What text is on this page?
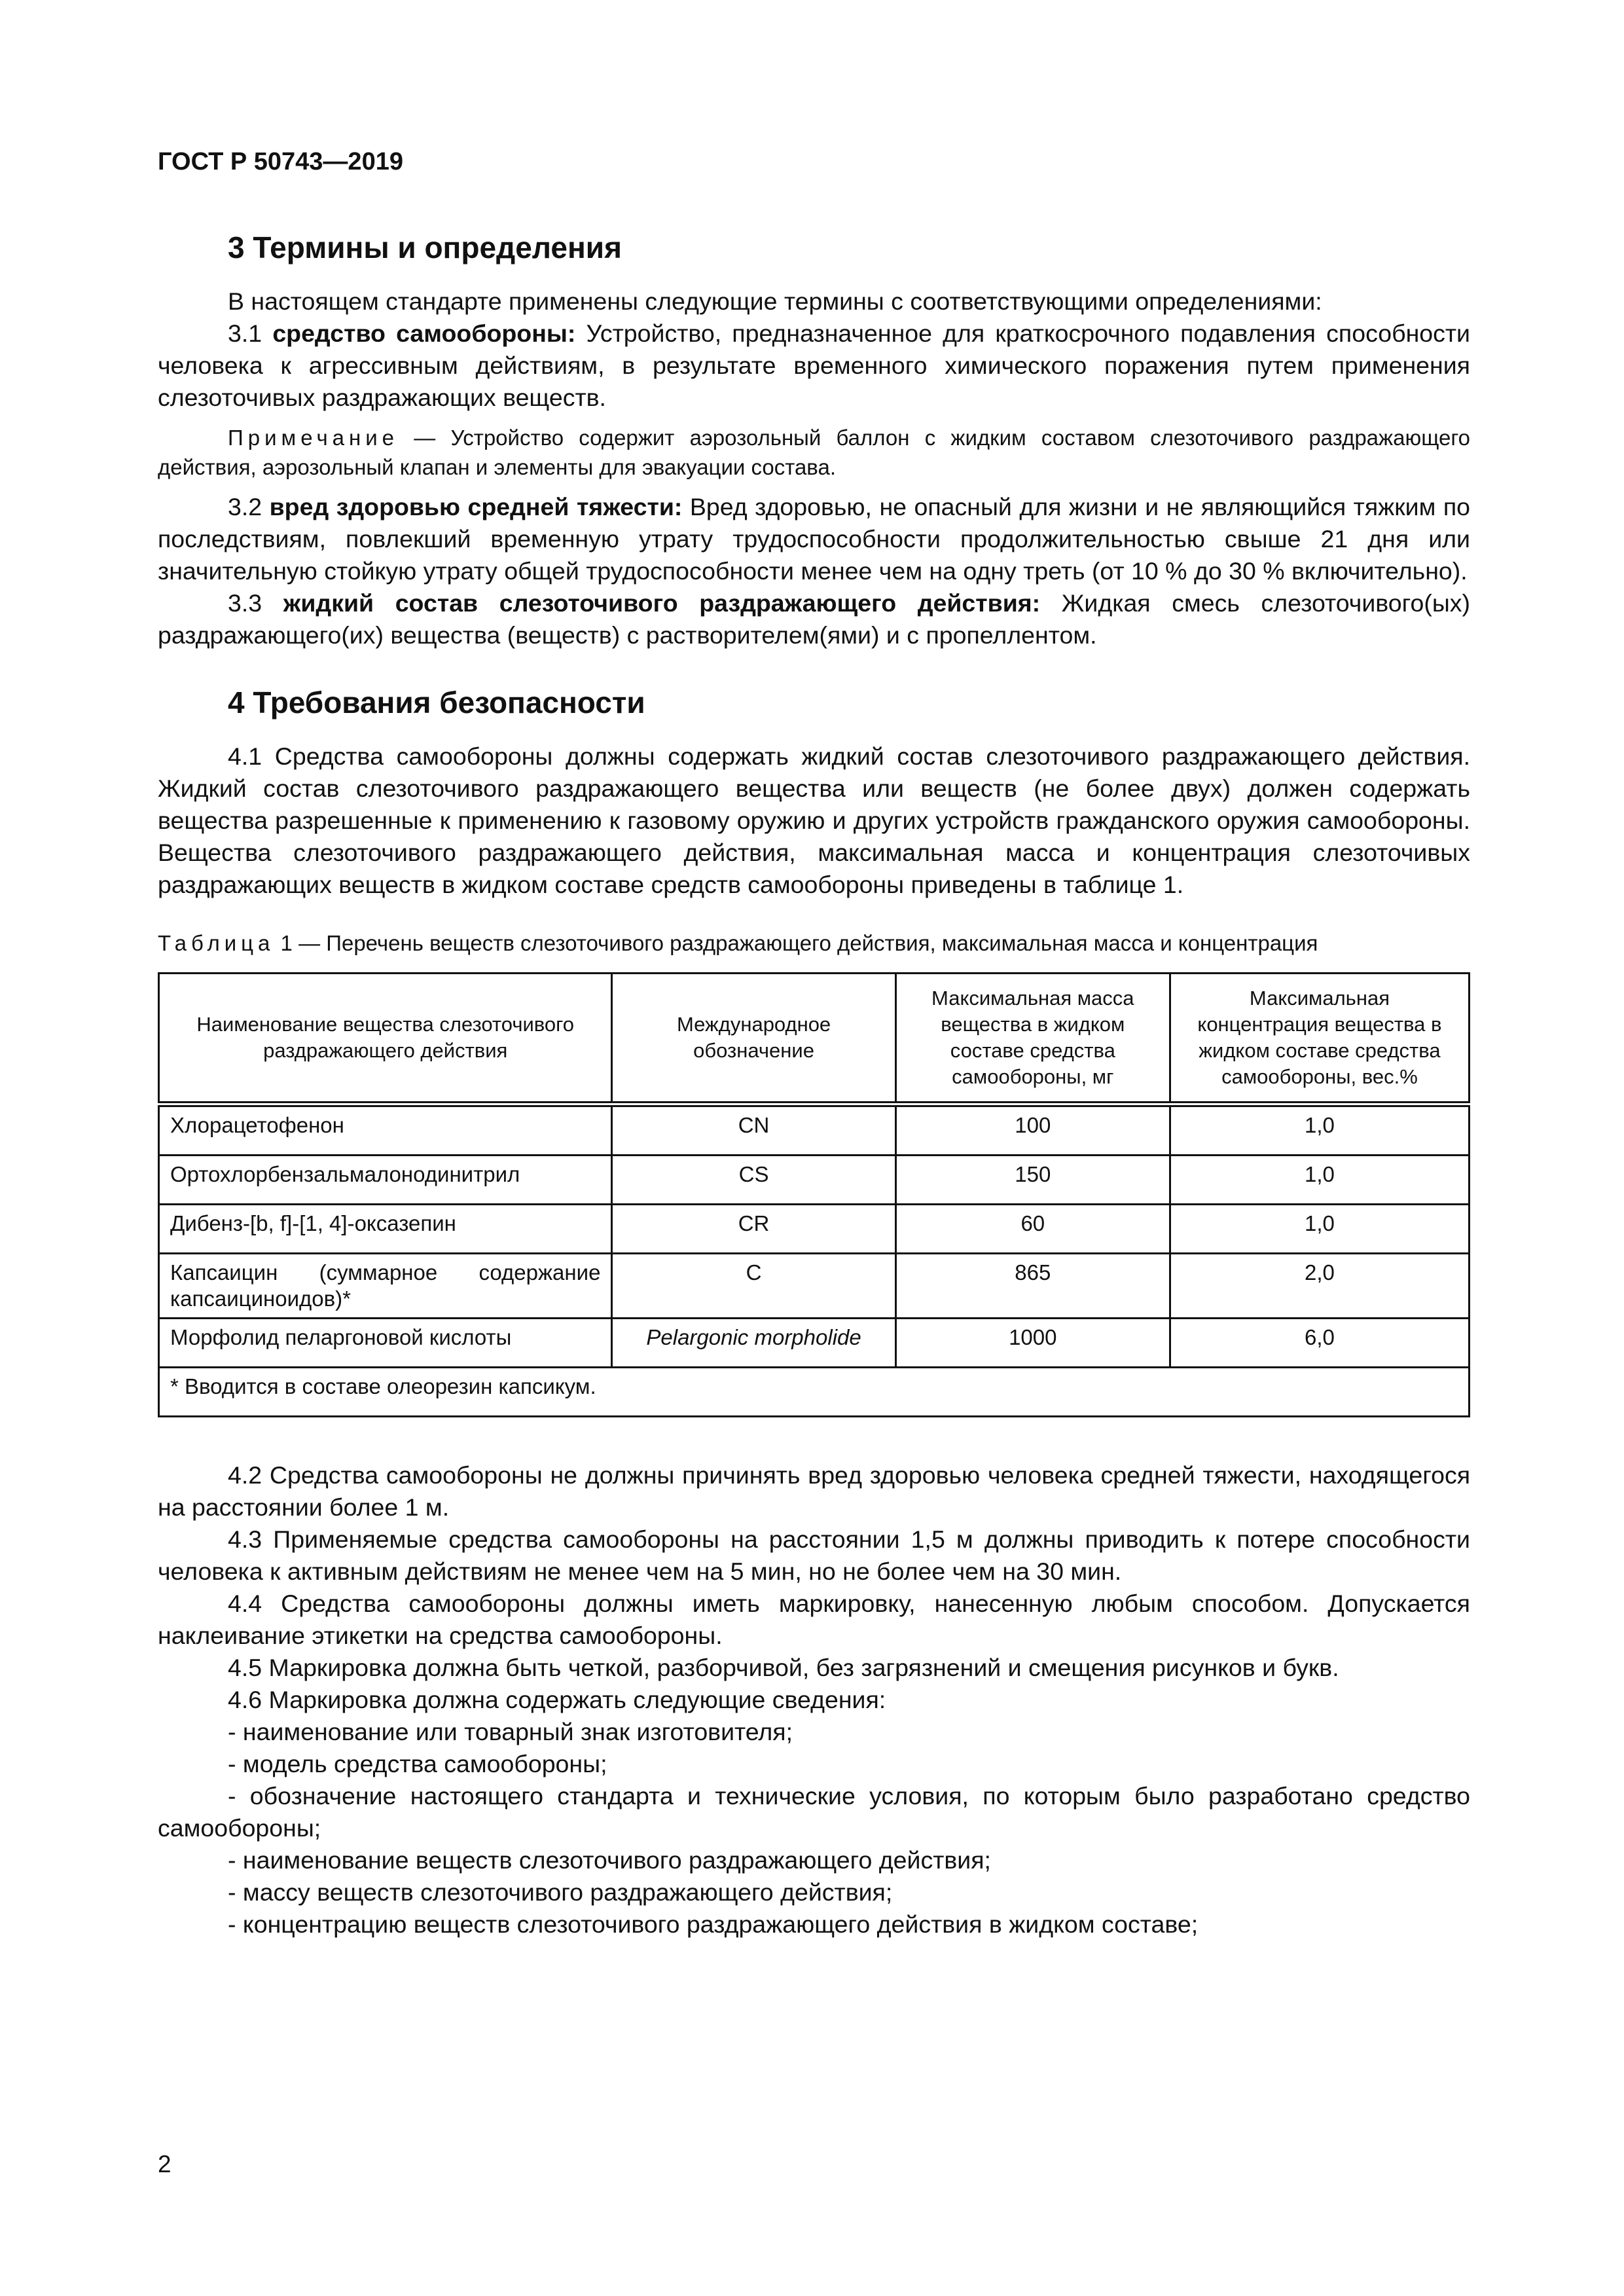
ГОСТ Р 50743—2019
3 Термины и определения

В настоящем стандарте применены следующие термины с соответствующими определениями:

3.1 средство самообороны: Устройство, предназначенное для краткосрочного подавления способности человека к агрессивным действиям, в результате временного химического поражения путем применения слезоточивых раздражающих веществ.

Примечание — Устройство содержит аэрозольный баллон с жидким составом слезоточивого раздражающего действия, аэрозольный клапан и элементы для эвакуации состава.

3.2 вред здоровью средней тяжести: Вред здоровью, не опасный для жизни и не являющийся тяжким по последствиям, повлекший временную утрату трудоспособности продолжительностью свыше 21 дня или значительную стойкую утрату общей трудоспособности менее чем на одну треть (от 10 % до 30 % включительно).

3.3 жидкий состав слезоточивого раздражающего действия: Жидкая смесь слезоточивого(ых) раздражающего(их) вещества (веществ) с растворителем(ями) и с пропеллентом.

4 Требования безопасности

4.1 Средства самообороны должны содержать жидкий состав слезоточивого раздражающего действия. Жидкий состав слезоточивого раздражающего вещества или веществ (не более двух) должен содержать вещества разрешенные к применению к газовому оружию и других устройств гражданского оружия самообороны. Вещества слезоточивого раздражающего действия, максимальная масса и концентрация слезоточивых раздражающих веществ в жидком составе средств самообороны приведены в таблице 1.

Таблица 1 — Перечень веществ слезоточивого раздражающего действия, максимальная масса и концентрация

Наименование вещества слезоточивого раздражающего действия	Международное обозначение	Максимальная масса вещества в жидком составе средства самообороны, мг	Максимальная концентрация вещества в жидком составе средства самообороны, вес.%
Хлорацетофенон	CN	100	1,0
Ортохлорбензальмалонодинитрил	CS	150	1,0
Дибенз-[b, f]-[1, 4]-оксазепин	CR	60	1,0
Капсаицин (суммарное содержание капсаициноидов)*	C	865	2,0
Морфолид пеларгоновой кислоты	Pelargonic morpholide	1000	6,0
* Вводится в составе олеорезин капсикум.			

4.2 Средства самообороны не должны причинять вред здоровью человека средней тяжести, находящегося на расстоянии более 1 м.

4.3 Применяемые средства самообороны на расстоянии 1,5 м должны приводить к потере способности человека к активным действиям не менее чем на 5 мин, но не более чем на 30 мин.

4.4 Средства самообороны должны иметь маркировку, нанесенную любым способом. Допускается наклеивание этикетки на средства самообороны.

4.5 Маркировка должна быть четкой, разборчивой, без загрязнений и смещения рисунков и букв.

4.6 Маркировка должна содержать следующие сведения:

- наименование или товарный знак изготовителя;

- модель средства самообороны;

- обозначение настоящего стандарта и технические условия, по которым было разработано средство самообороны;

- наименование веществ слезоточивого раздражающего действия;

- массу веществ слезоточивого раздражающего действия;

- концентрацию веществ слезоточивого раздражающего действия в жидком составе;

2
